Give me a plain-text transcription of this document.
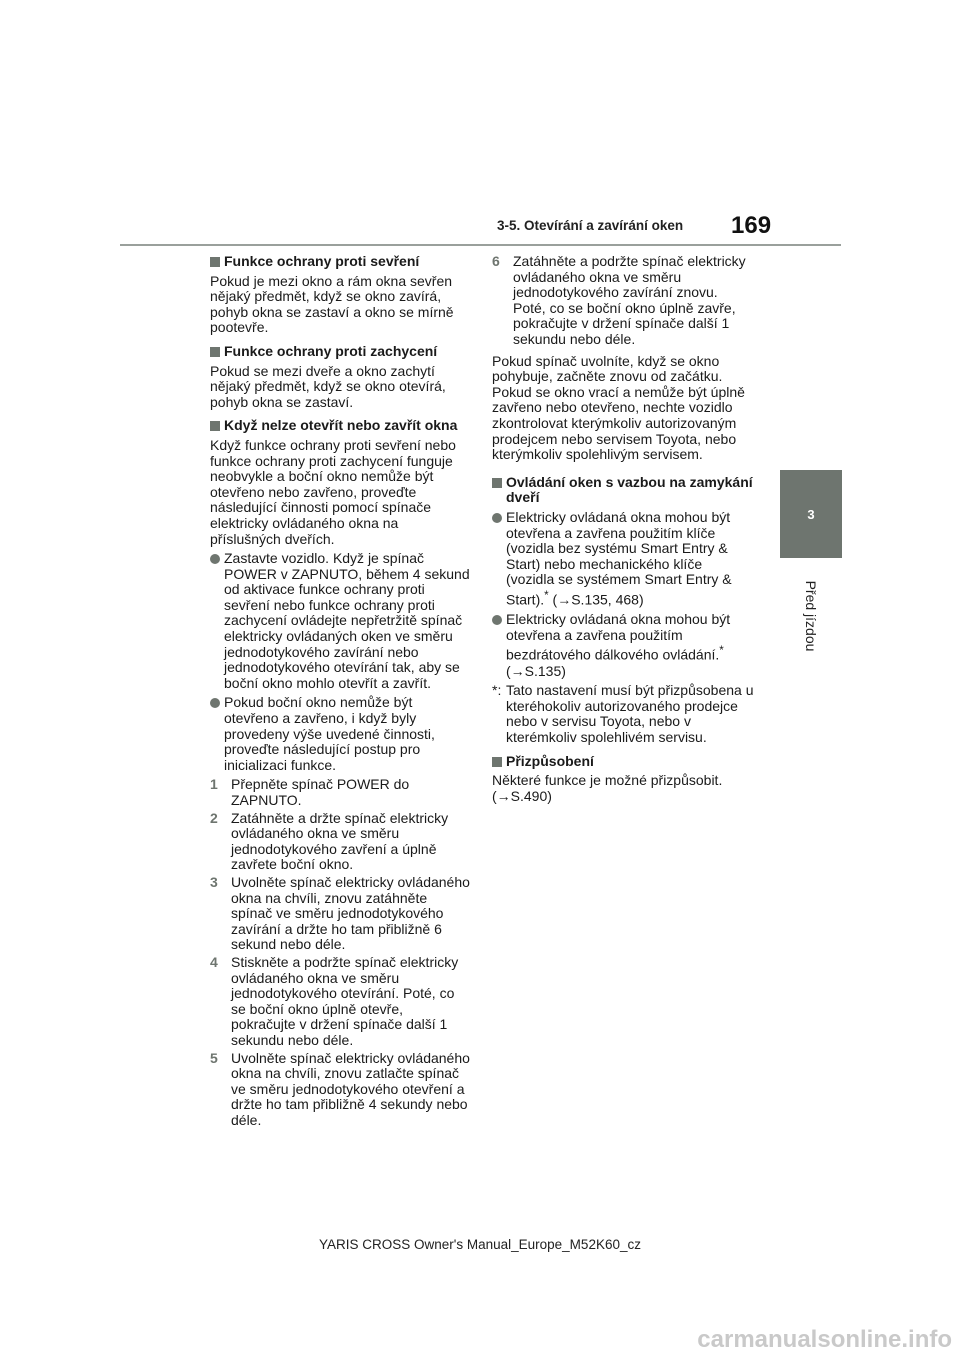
3-5. Otevírání a zavírání oken 169
3
Před jízdou
Funkce ochrany proti sevření

Pokud je mezi okno a rám okna sevřen nějaký předmět, když se okno zavírá, pohyb okna se zastaví a okno se mírně pootevře.

Funkce ochrany proti zachycení

Pokud se mezi dveře a okno zachytí nějaký předmět, když se okno otevírá, pohyb okna se zastaví.

Když nelze otevřít nebo zavřít okna

Když funkce ochrany proti sevření nebo funkce ochrany proti zachycení funguje neobvykle a boční okno nemůže být otevřeno nebo zavřeno, proveďte následující činnosti pomocí spínače elektricky ovládaného okna na příslušných dveřích.

Zastavte vozidlo. Když je spínač POWER v ZAPNUTO, během 4 sekund od aktivace funkce ochrany proti sevření nebo funkce ochrany proti zachycení ovládejte nepřetržitě spínač elektricky ovládaných oken ve směru jednodotykového zavírání nebo jednodotykového otevírání tak, aby se boční okno mohlo otevřít a zavřít.
Pokud boční okno nemůže být otevřeno a zavřeno, i když byly provedeny výše uvedené činnosti, proveďte následující postup pro inicializaci funkce.
1 Přepněte spínač POWER do ZAPNUTO.
2 Zatáhněte a držte spínač elektricky ovládaného okna ve směru jednodotykového zavření a úplně zavřete boční okno.
3 Uvolněte spínač elektricky ovládaného okna na chvíli, znovu zatáhněte spínač ve směru jednodotykového zavírání a držte ho tam přibližně 6 sekund nebo déle.
4 Stiskněte a podržte spínač elektricky ovládaného okna ve směru jednodotykového otevírání. Poté, co se boční okno úplně otevře, pokračujte v držení spínače další 1 sekundu nebo déle.
5 Uvolněte spínač elektricky ovládaného okna na chvíli, znovu zatlačte spínač ve směru jednodotykového otevření a držte ho tam přibližně 4 sekundy nebo déle.
6 Zatáhněte a podržte spínač elektricky ovládaného okna ve směru jednodotykového zavírání znovu. Poté, co se boční okno úplně zavře, pokračujte v držení spínače další 1 sekundu nebo déle.

Pokud spínač uvolníte, když se okno pohybuje, začněte znovu od začátku. Pokud se okno vrací a nemůže být úplně zavřeno nebo otevřeno, nechte vozidlo zkontrolovat kterýmkoliv autorizovaným prodejcem nebo servisem Toyota, nebo kterýmkoliv spolehlivým servisem.

Ovládání oken s vazbou na zamykání dveří
Elektricky ovládaná okna mohou být otevřena a zavřena použitím klíče (vozidla bez systému Smart Entry & Start) nebo mechanického klíče (vozidla se systémem Smart Entry & Start).* (→S.135, 468)
Elektricky ovládaná okna mohou být otevřena a zavřena použitím bezdrátového dálkového ovládání.*
(→S.135)
*: Tato nastavení musí být přizpůsobena u kteréhokoliv autorizovaného prodejce nebo v servisu Toyota, nebo v kterémkoliv spolehlivém servisu.
Přizpůsobení

Některé funkce je možné přizpůsobit. (→S.490)

YARIS CROSS Owner's Manual_Europe_M52K60_cz
carmanualsonline.info
